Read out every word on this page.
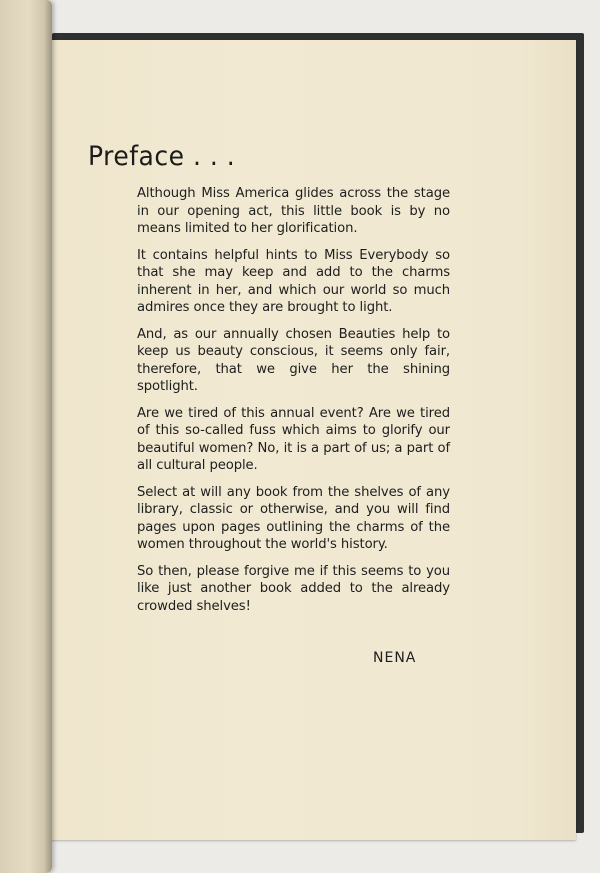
Preface . . .

Although Miss America glides across the stage in our opening act, this little book is by no means limited to her glorification.

It contains helpful hints to Miss Everybody so that she may keep and add to the charms inherent in her, and which our world so much admires once they are brought to light.

And, as our annually chosen Beauties help to keep us beauty conscious, it seems only fair, therefore, that we give her the shining spotlight.

Are we tired of this annual event? Are we tired of this so-called fuss which aims to glorify our beautiful women? No, it is a part of us; a part of all cultural people.

Select at will any book from the shelves of any library, classic or otherwise, and you will find pages upon pages outlining the charms of the women throughout the world's history.

So then, please forgive me if this seems to you like just another book added to the already crowded shelves!

NENA
